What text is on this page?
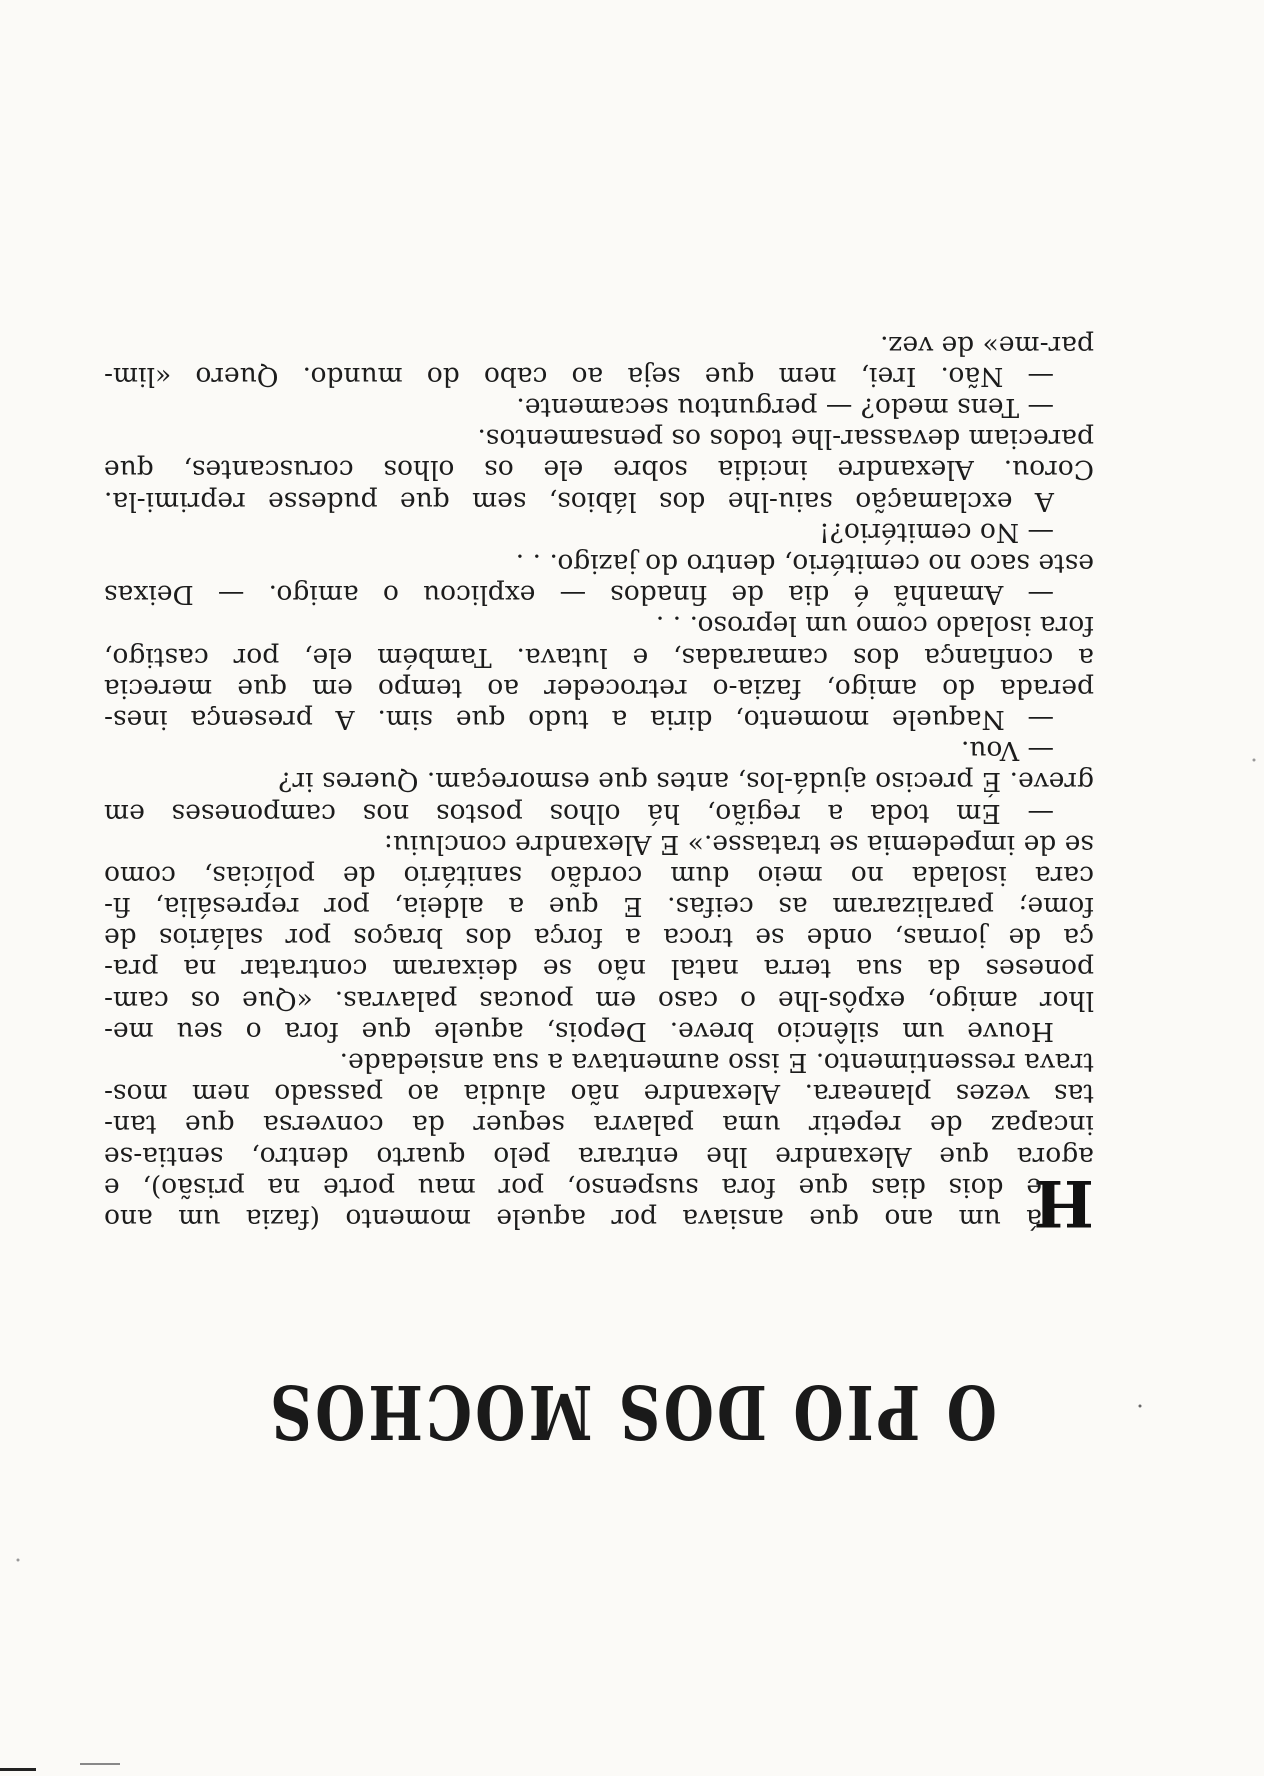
O PIO DOS MOCHOS
H
á um ano que ansiava por aquele momento (fazia um ano
e dois dias que fora suspenso, por mau porte na prisão), e
agora que Alexandre lhe entrara pelo quarto dentro, sentia-se
incapaz de repetir uma palavra sequer da conversa que tan-
tas vezes planeara. Alexandre não aludia ao passado nem mos-
trava ressentimento. E isso aumentava a sua ansiedade.
Houve um silêncio breve. Depois, aquele que fora o seu me-
lhor amigo, expôs-lhe o caso em poucas palavras. «Que os cam-
poneses da sua terra natal não se deixaram contratar na pra-
ça de jornas, onde se troca a força dos braços por salários de
fome; paralizaram as ceifas. E que a aldeia, por represália, fi-
cara isolada no meio dum cordão sanitário de polícias, como
se de impedemia se tratasse.» E Alexandre concluiu:
— Em toda a região, há olhos postos nos camponeses em
greve. É preciso ajudá-los, antes que esmoreçam. Queres ir?
— Vou.
— Naquele momento, diria a tudo que sim. A presença ines-
perada do amigo, fazia-o retroceder ao tempo em que merecia
a confiança dos camaradas, e lutava. Também ele, por castigo,
fora isolado como um leproso. . .
— Amanhã é dia de finados — explicou o amigo. — Deixas
este saco no cemitério, dentro do jazigo. . .
— No cemitério?!
A exclamação saiu-lhe dos lábios, sem que pudesse reprimi-la.
Corou. Alexandre incidia sobre ele os olhos coruscantes, que
pareciam devassar-lhe todos os pensamentos.
— Tens medo? — perguntou secamente.
— Não. Irei, nem que seja ao cabo do mundo. Quero «lim-
par-me» de vez.
